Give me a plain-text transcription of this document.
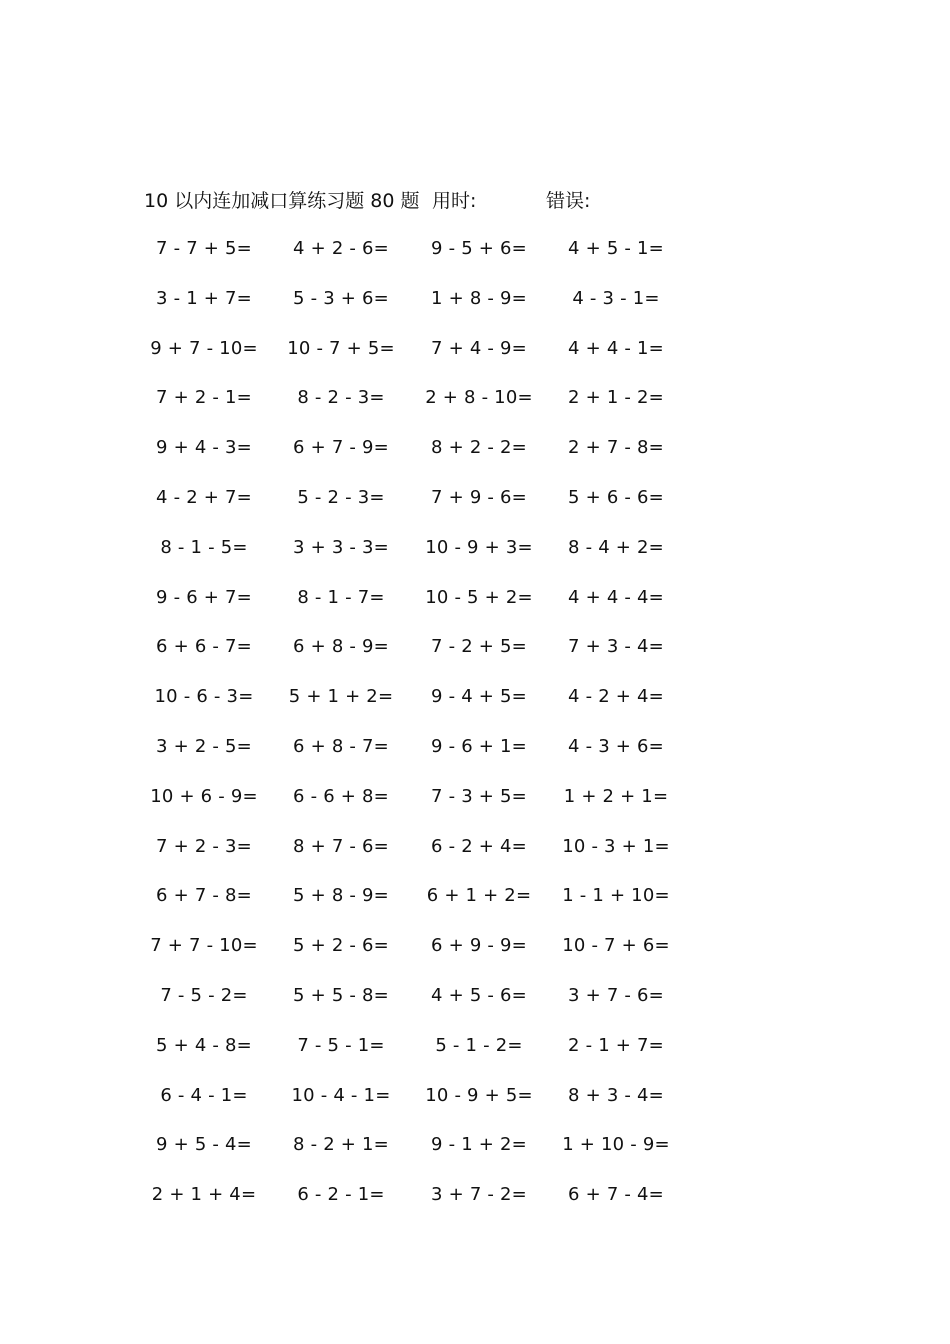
10 以内连加减口算练习题 80 题 用时:	错误:
7 - 7 + 5= 4 + 2 - 6= 9 - 5 + 6= 4 + 5 - 1=
3 - 1 + 7= 5 - 3 + 6= 1 + 8 - 9=	4 - 3 - 1=
9 + 7 - 10= 10 - 7 + 5= 7 + 4 - 9= 4 + 4 - 1=
7 + 2 - 1=	8 - 2 - 3= 2 + 8 - 10= 2 + 1 - 2=
9 + 4 - 3= 6 + 7 - 9= 8 + 2 - 2= 2 + 7 - 8=
4 - 2 + 7=	5 - 2 - 3=	7 + 9 - 6= 5 + 6 - 6=
8 - 1 - 5=	3 + 3 - 3= 10 - 9 + 3= 8 - 4 + 2=
9 - 6 + 7=	8 - 1 - 7= 10 - 5 + 2= 4 + 4 - 4=
6 + 6 - 7= 6 + 8 - 9= 7 - 2 + 5= 7 + 3 - 4=
10 - 6 - 3= 5 + 1 + 2= 9 - 4 + 5= 4 - 2 + 4=
3 + 2 - 5= 6 + 8 - 7= 9 - 6 + 1= 4 - 3 + 6=
10 + 6 - 9= 6 - 6 + 8= 7 - 3 + 5= 1 + 2 + 1=
7 + 2 - 3= 8 + 7 - 6= 6 - 2 + 4= 10 - 3 + 1=
6 + 7 - 8= 5 + 8 - 9= 6 + 1 + 2= 1 - 1 + 10=
7 + 7 - 10= 5 + 2 - 6= 6 + 9 - 9= 10 - 7 + 6=
7 - 5 - 2=	5 + 5 - 8= 4 + 5 - 6= 3 + 7 - 6=
5 + 4 - 8=	7 - 5 - 1=	5 - 1 - 2=	2 - 1 + 7=
6 - 4 - 1= 10 - 4 - 1= 10 - 9 + 5= 8 + 3 - 4=
9 + 5 - 4= 8 - 2 + 1= 9 - 1 + 2= 1 + 10 - 9=
2 + 1 + 4= 6 - 2 - 1=	3 + 7 - 2= 6 + 7 - 4=
